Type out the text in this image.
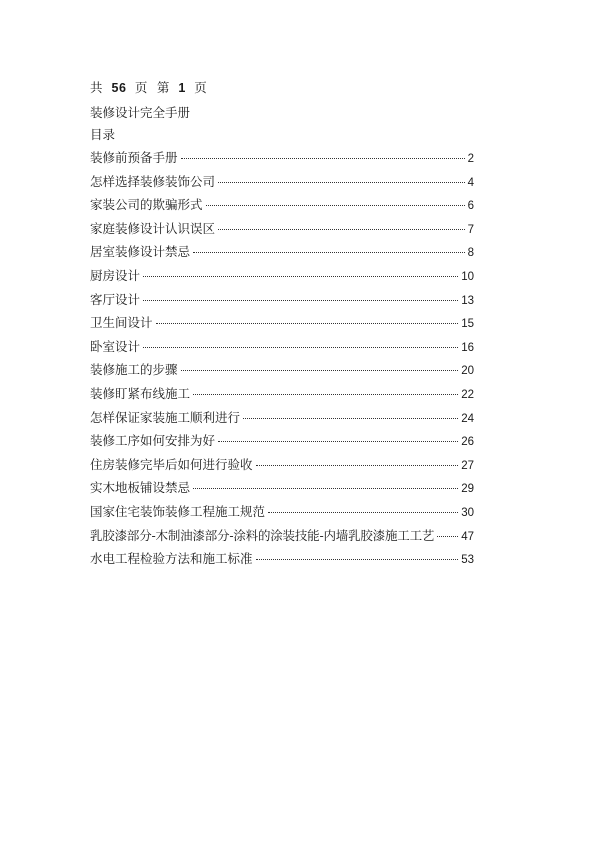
共 56 页 第 1 页
装修设计完全手册
目录
装修前预备手册	2
怎样选择装修装饰公司	4
家装公司的欺骗形式	6
家庭装修设计认识误区	7
居室装修设计禁忌	8
厨房设计	10
客厅设计	13
卫生间设计	15
卧室设计	16
装修施工的步骤	20
装修盯紧布线施工	22
怎样保证家装施工顺利进行	24
装修工序如何安排为好	26
住房装修完毕后如何进行验收	27
实木地板铺设禁忌	29
国家住宅装饰装修工程施工规范	30
乳胶漆部分-木制油漆部分-涂料的涂装技能-内墙乳胶漆施工工艺 47
水电工程检验方法和施工标准	53
